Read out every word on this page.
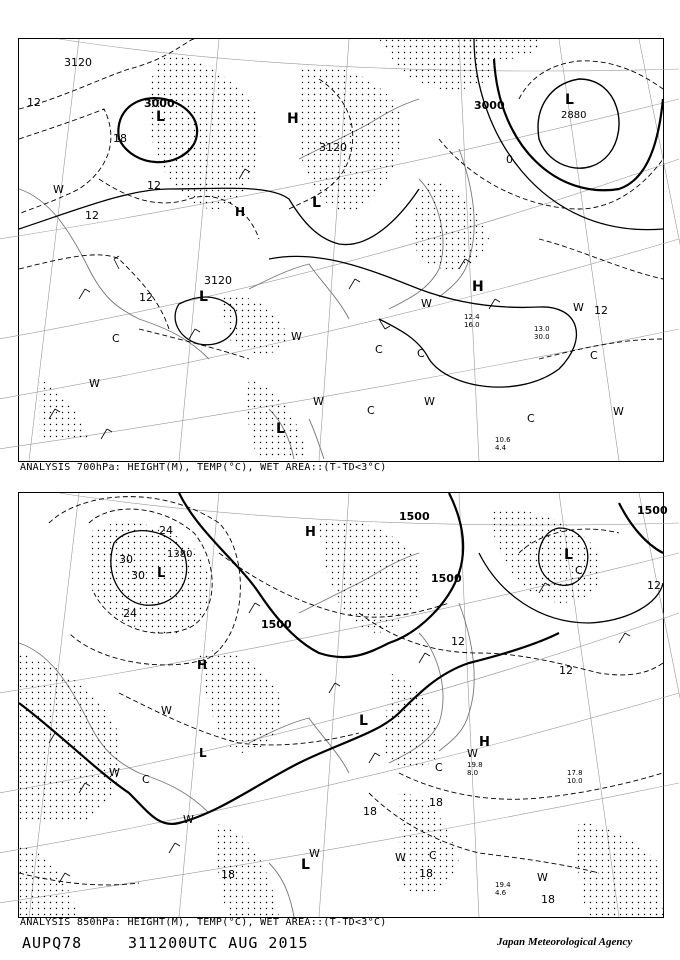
3120
3000	3000
3120
3120
2880
12
18
12
12
12
0
12
L
L
L
L
L
H
H
H
W
W
W
W	W
W
W
W
C
C	C
C
C
C
10.6
4.4
12.4
16.0	13.0
30.0
ANALYSIS 700hPa: HEIGHT(M), TEMP(°C), WET AREA::(T-TD<3°C)
1500
1500
1500
1500
1380
24
30
30
24
12
12
12
18
18
18	18
18
L
L
L
L
L
H
H
H
W
W
W
W
W	W
W
C
C
C
C
19.4
4.6
17.8
10.0
19.8
8.0
ANALYSIS 850hPa: HEIGHT(M), TEMP(°C), WET AREA::(T-TD<3°C)
AUPQ78	311200UTC AUG 2015	Japan Meteorological Agency
